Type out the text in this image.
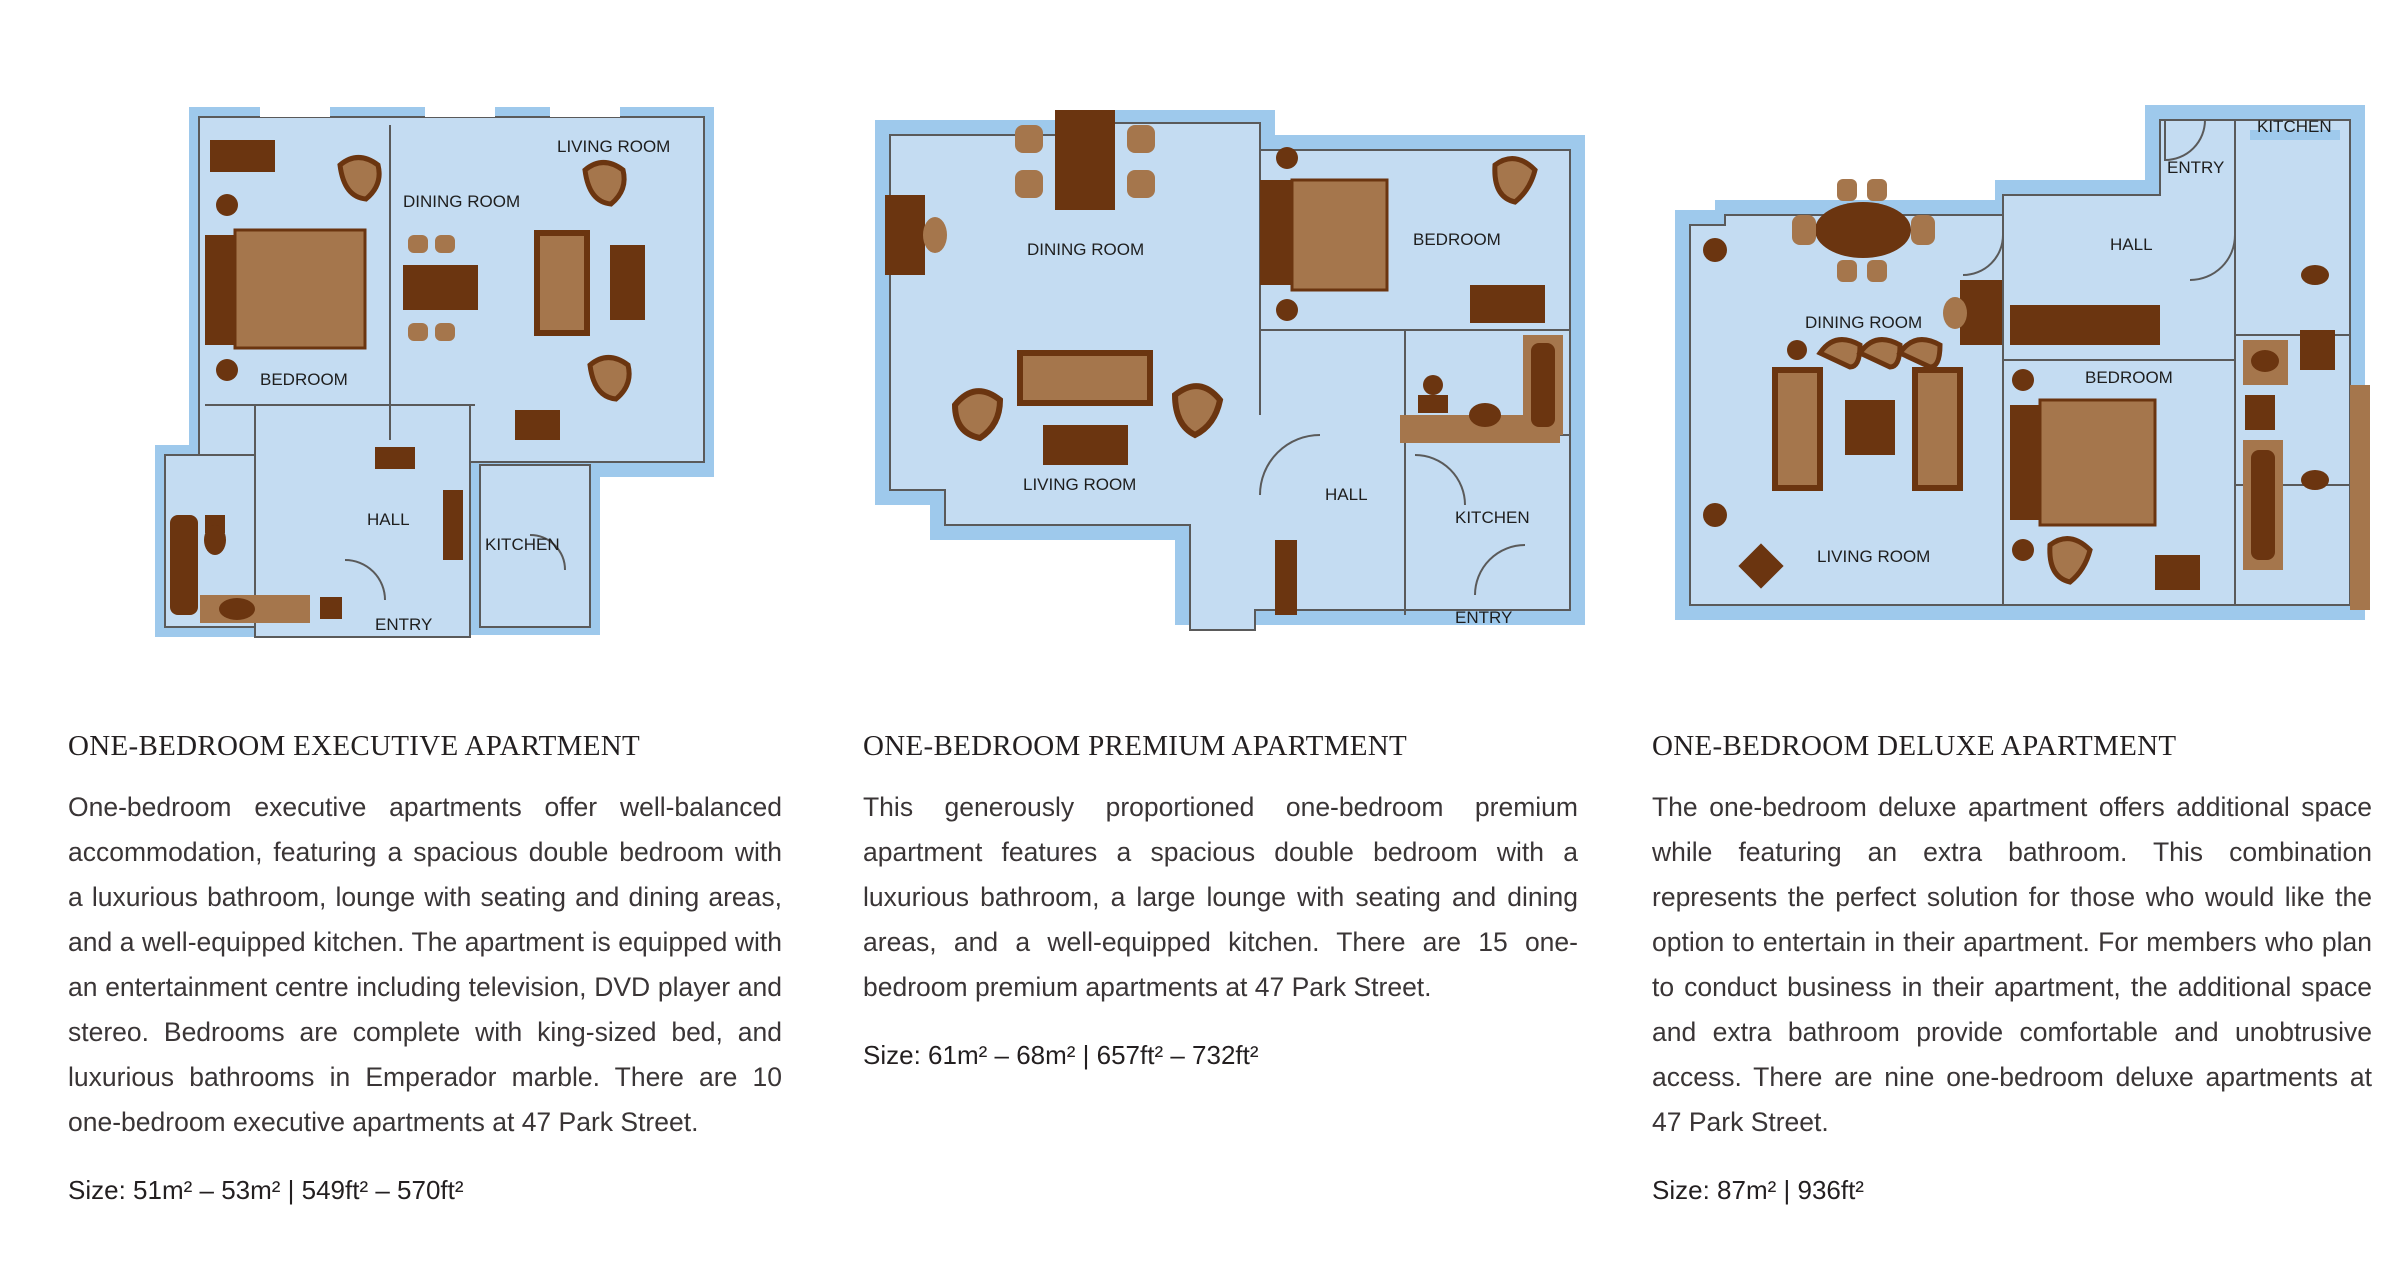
LIVING ROOM
DINING ROOM
BEDROOM
HALL
KITCHEN
ENTRY
DINING ROOM
LIVING ROOM
BEDROOM
HALL
KITCHEN
ENTRY
KITCHEN
ENTRY
HALL
DINING ROOM
BEDROOM
LIVING ROOM
ONE-BEDROOM EXECUTIVE APARTMENT

One-bedroom executive apartments offer well-balanced accommodation, featuring a spacious double bedroom with a luxurious bathroom, lounge with seating and dining areas, and a well-equipped kitchen. The apartment is equipped with an entertainment centre including television, DVD player and stereo. Bedrooms are complete with king-sized bed, and luxurious bathrooms in Emperador marble. There are 10 one-bedroom executive apartments at 47 Park Street.

Size: 51m² – 53m² | 549ft² – 570ft²
ONE-BEDROOM PREMIUM APARTMENT

This generously proportioned one-bedroom premium apartment features a spacious double bedroom with a luxurious bathroom, a large lounge with seating and dining areas, and a well-equipped kitchen. There are 15 one-bedroom premium apartments at 47 Park Street.

Size: 61m² – 68m² | 657ft² – 732ft²
ONE-BEDROOM DELUXE APARTMENT

The one-bedroom deluxe apartment offers additional space while featuring an extra bathroom. This combination represents the perfect solution for those who would like the option to entertain in their apartment. For members who plan to conduct business in their apartment, the additional space and extra bathroom provide comfortable and unobtrusive access. There are nine one-bedroom deluxe apartments at 47 Park Street.

Size: 87m² | 936ft²
